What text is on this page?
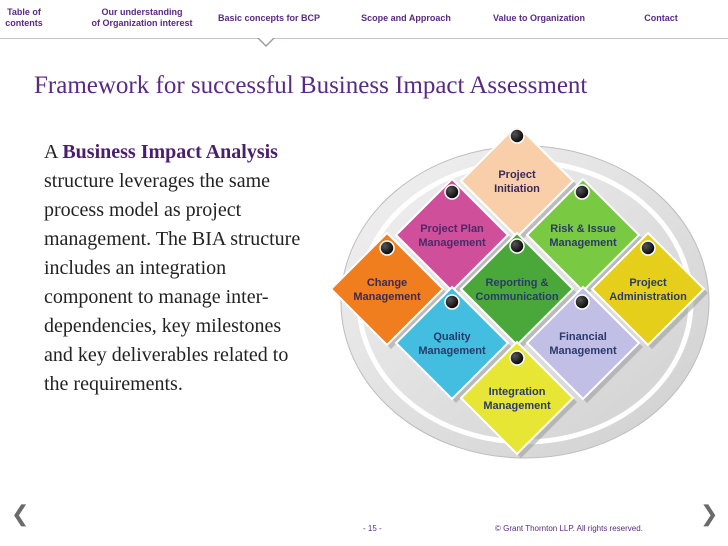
Table of
contents
Our understanding
of Organization interest
Basic concepts for BCP	Scope and Approach	Value to Organization	Contact
Framework for successful Business Impact Assessment
A Business Impact Analysis structure leverages the same process model as project management. The BIA structure includes an integration component to manage inter-dependencies, key milestones and key deliverables related to the requirements.
Project
Initiation
Project Plan
Management
Risk & Issue
Management
Change
Management
Reporting &
Communication
Project
Administration
Quality
Management
Financial
Management
Integration
Management
- 15 -	© Grant Thornton LLP. All rights reserved.
❮	❯
